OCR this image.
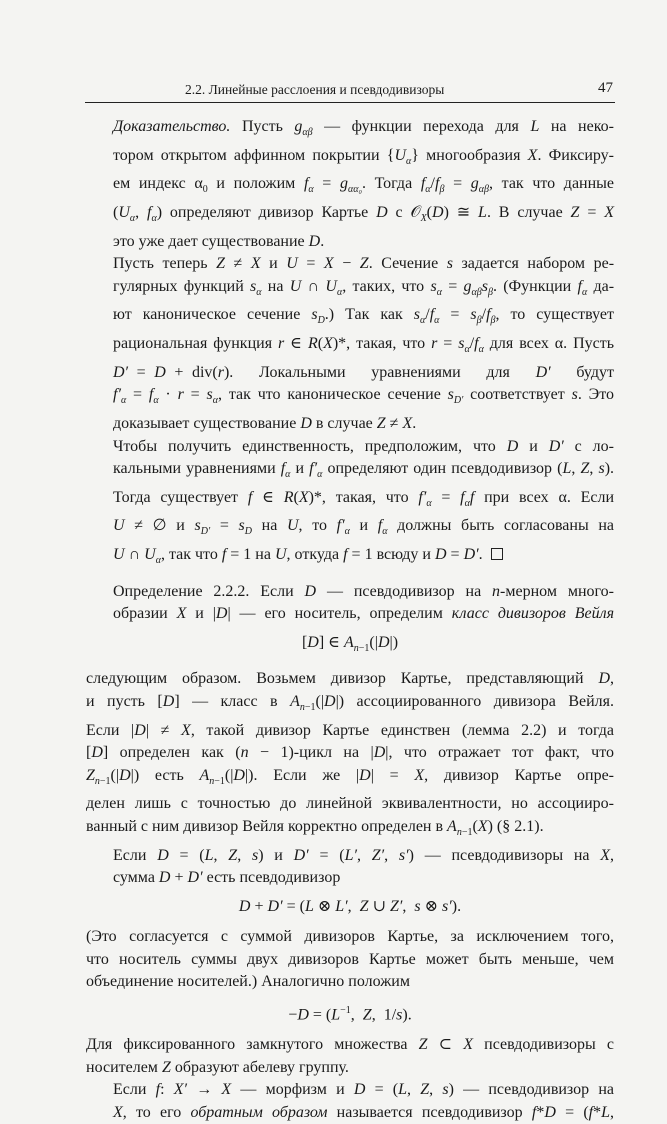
2.2. Линейные расслоения и псевдодивизоры	47

Доказательство. Пусть $g_{\alpha\beta}$ — функции перехода для L на неко-
тором открытом аффинном покрытии $\{U_\alpha\}$ многообразия X. Фиксиру-
ем индекс $\alpha_0$ и положим $f_\alpha = g_{\alpha\alpha_0}$. Тогда $f_\alpha/f_\beta = g_{\alpha\beta}$, так что данные
($U_\alpha$, $f_\alpha$) определяют дивизор Картье D с 𝒪$_X$(D) ≅ L. В случае Z = X
это уже дает существование D.

Пусть теперь Z ≠ X и U = X − Z. Сечение s задается набором ре-
гулярных функций $s_\alpha$ на U ∩ $U_\alpha$, таких, что $s_\alpha = g_{\alpha\beta}s_\beta$. (Функции $f_\alpha$ да-
ют каноническое сечение $s_D$.) Так как $s_\alpha/f_\alpha = s_\beta/f_\beta$, то существует
рациональная функция r ∈ R(X)*, такая, что $r = s_\alpha/f_\alpha$ для всех α. Пусть
D′ = D + div(r).   Локальными   уравнениями   для   D′   будут
$f'_\alpha = f_\alpha \cdot r = s_\alpha$, так что каноническое сечение $s_{D'}$ соответствует s. Это
доказывает существование D в случае Z ≠ X.

Чтобы получить единственность, предположим, что D и D′ с ло-
кальными уравнениями $f_\alpha$ и $f'_\alpha$ определяют один псевдодивизор (L, Z, s).
Тогда существует f ∈ R(X)*, такая, что $f'_\alpha = f_\alpha f$ при всех α. Если
U ≠ ∅ и $s_{D'} = s_D$ на U, то $f'_\alpha$ и $f_\alpha$ должны быть согласованы на
U ∩ $U_\alpha$, так что f = 1 на U, откуда f = 1 всюду и D = D′.

Определение 2.2.2. Если D — псевдодивизор на n-мерном много-
образии X и |D| — его носитель, определим класс дивизоров Вейля

[D] ∈ $A_{n-1}(|D|)$

следующим образом. Возьмем дивизор Картье, представляющий D,
и пусть [D] — класс в $A_{n-1}(|D|)$ ассоциированного дивизора Вейля.
Если |D| ≠ X, такой дивизор Картье единствен (лемма 2.2) и тогда
[D] определен как (n − 1)-цикл на |D|, что отражает тот факт, что
$Z_{n-1}(|D|)$ есть $A_{n-1}(|D|)$. Если же |D| = X, дивизор Картье опре-
делен лишь с точностью до линейной эквивалентности, но ассоцииро-
ванный с ним дивизор Вейля корректно определен в $A_{n-1}(X)$ (§ 2.1).

Если D = (L, Z, s) и D′ = (L′, Z′, s′) — псевдодивизоры на X,
сумма D + D′ есть псевдодивизор

D + D′ = (L ⊗ L′,  Z ∪ Z′,  s ⊗ s′).

(Это согласуется с суммой дивизоров Картье, за исключением того,
что носитель суммы двух дивизоров Картье может быть меньше, чем
объединение носителей.) Аналогично положим

$-D = (L^{-1}$,  Z,  1/s).

Для фиксированного замкнутого множества Z ⊂ X псевдодивизоры с
носителем Z образуют абелеву группу.

Если f: X′ → X — морфизм и D = (L, Z, s) — псевдодивизор на
X, то его обратным образом называется псевдодивизор f*D = (f*L,
